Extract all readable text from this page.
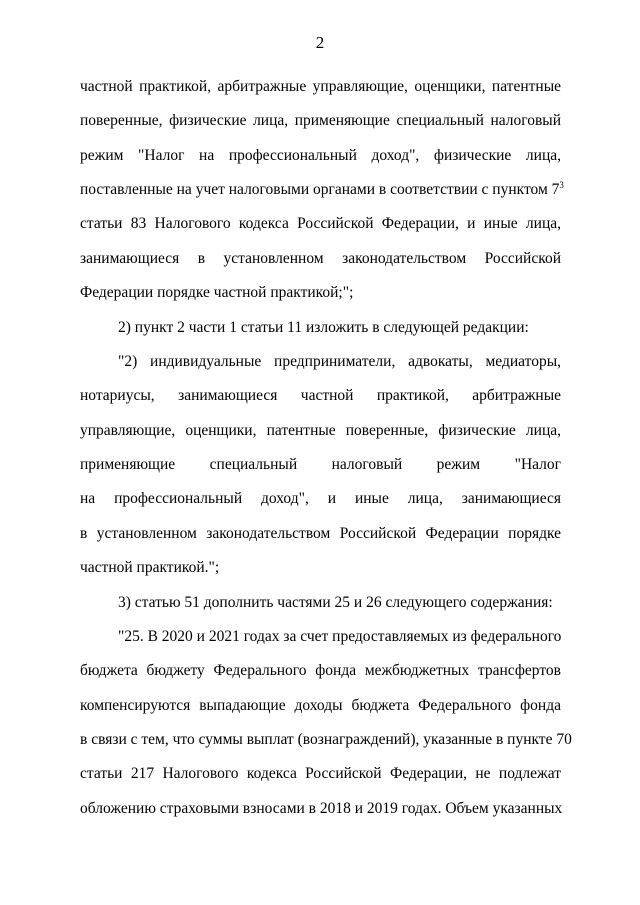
2
частной практикой, арбитражные управляющие, оценщики, патентные
поверенные, физические лица, применяющие специальный налоговый
режим "Налог на профессиональный доход", физические лица,
поставленные на учет налоговыми органами в соответствии с пунктом $7^3$
статьи 83 Налогового кодекса Российской Федерации, и иные лица,
занимающиеся в установленном законодательством Российской
Федерации порядке частной практикой;";
2) пункт 2 части 1 статьи 11 изложить в следующей редакции:
"2) индивидуальные предприниматели, адвокаты, медиаторы,
нотариусы, занимающиеся частной практикой, арбитражные
управляющие, оценщики, патентные поверенные, физические лица,
применяющие специальный налоговый режим "Налог
на профессиональный доход", и иные лица, занимающиеся
в установленном законодательством Российской Федерации порядке
частной практикой.";
3) статью 51 дополнить частями 25 и 26 следующего содержания:
"25. В 2020 и 2021 годах за счет предоставляемых из федерального
бюджета бюджету Федерального фонда межбюджетных трансфертов
компенсируются выпадающие доходы бюджета Федерального фонда
в связи с тем, что суммы выплат (вознаграждений), указанные в пункте 70
статьи 217 Налогового кодекса Российской Федерации, не подлежат
обложению страховыми взносами в 2018 и 2019 годах. Объем указанных
